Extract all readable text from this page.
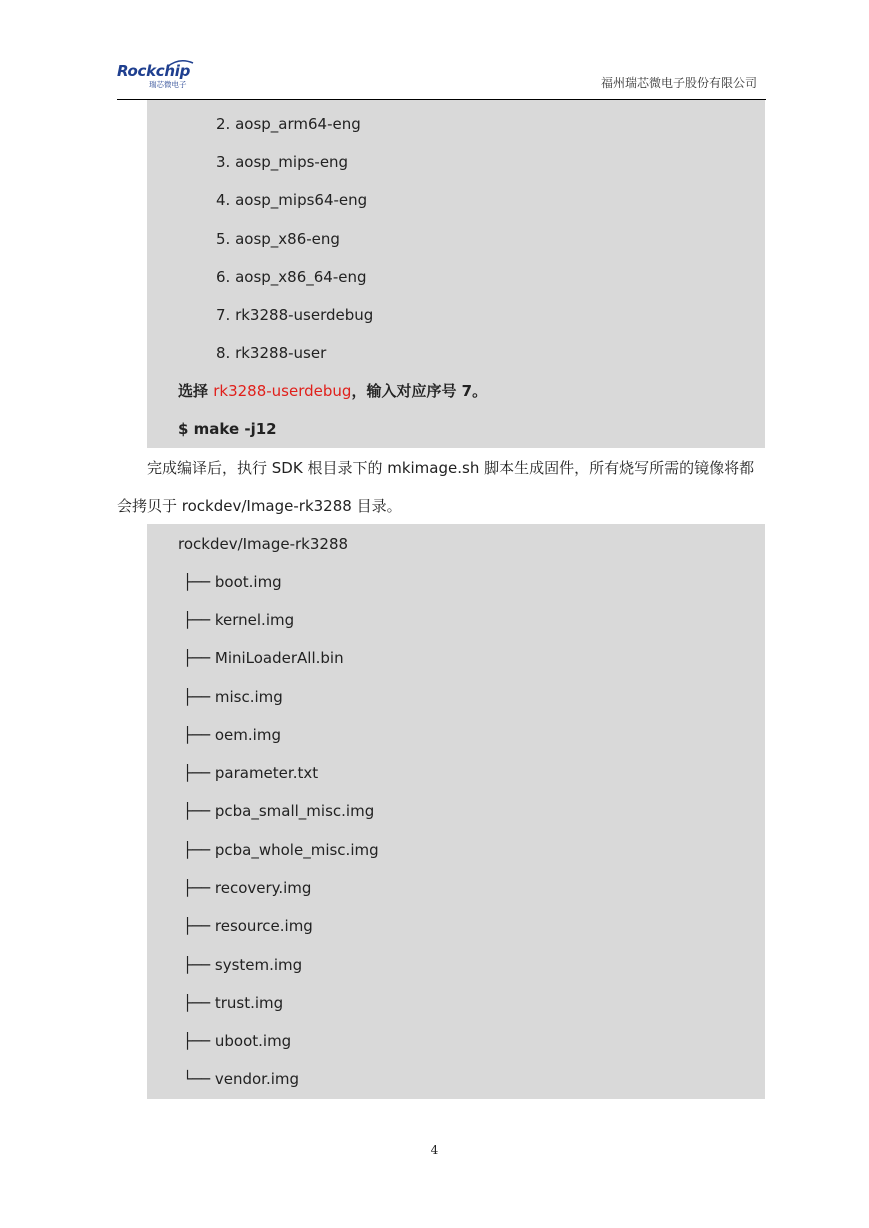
Rockchip
瑞芯微电子	福州瑞芯微电子股份有限公司
2. aosp_arm64-eng
3. aosp_mips-eng
4. aosp_mips64-eng
5. aosp_x86-eng
6. aosp_x86_64-eng
7. rk3288-userdebug
8. rk3288-user
选择 rk3288-userdebug，输入对应序号 7。
$ make -j12
完成编译后，执行 SDK 根目录下的 mkimage.sh 脚本生成固件，所有烧写所需的镜像将都
会拷贝于 rockdev/Image-rk3288 目录。
rockdev/Image-rk3288
├── boot.img
├── kernel.img
├── MiniLoaderAll.bin
├── misc.img
├── oem.img
├── parameter.txt
├── pcba_small_misc.img
├── pcba_whole_misc.img
├── recovery.img
├── resource.img
├── system.img
├── trust.img
├── uboot.img
└── vendor.img
4
